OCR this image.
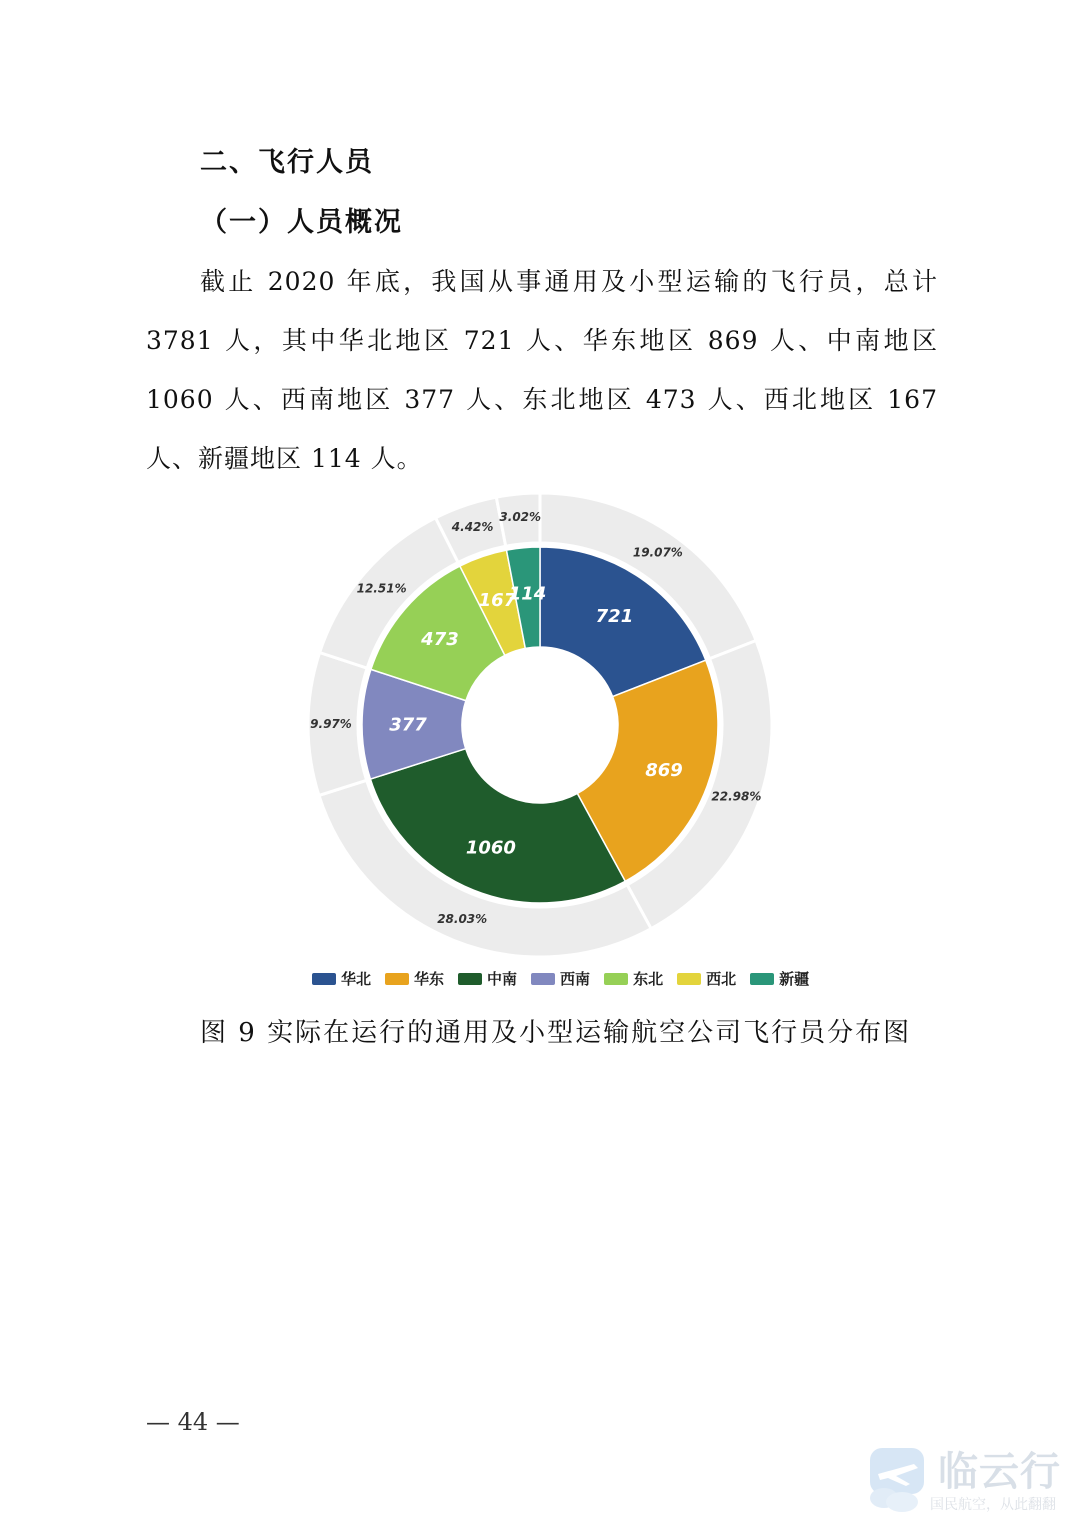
二、飞行人员
（一）人员概况

截止 2020 年底，我国从事通用及小型运输的飞行员，总计 3781 人，其中华北地区 721 人、华东地区 869 人、中南地区 1060 人、西南地区 377 人、东北地区 473 人、西北地区 167 人、新疆地区 114 人。

721
869
1060
377
473
167
114
19.07%
22.98%
28.03%
9.97%
12.51%
4.42%
3.02%
华北	华东	中南	西南	东北	西北	新疆

图 9 实际在运行的通用及小型运输航空公司飞行员分布图

— 44 —
临云行
国民航空，从此翻翻
